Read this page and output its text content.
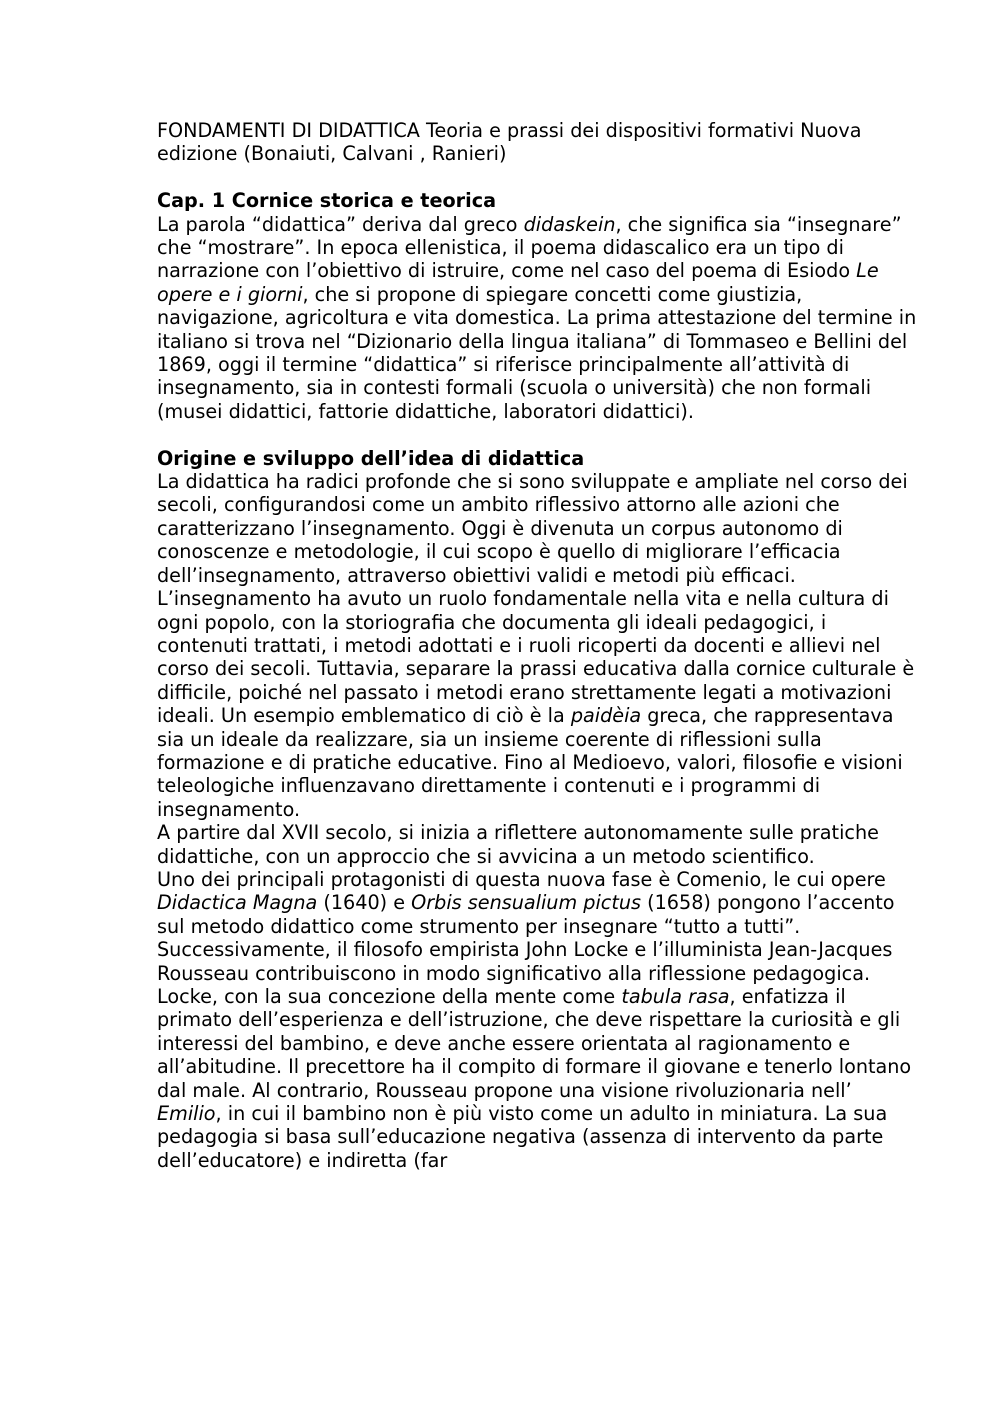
FONDAMENTI DI DIDATTICA Teoria e prassi dei dispositivi formativi Nuova edizione (Bonaiuti, Calvani , Ranieri)

Cap. 1 Cornice storica e teorica

La parola “didattica” deriva dal greco didaskein, che significa sia “insegnare” che “mostrare”. In epoca ellenistica, il poema didascalico era un tipo di narrazione con l’obiettivo di istruire, come nel caso del poema di Esiodo Le opere e i giorni, che si propone di spiegare concetti come giustizia, navigazione, agricoltura e vita domestica. La prima attestazione del termine in italiano si trova nel “Dizionario della lingua italiana” di Tommaseo e Bellini del 1869, oggi il termine “didattica” si riferisce principalmente all’attività di insegnamento, sia in contesti formali (scuola o università) che non formali (musei didattici, fattorie didattiche, laboratori didattici).

Origine e sviluppo dell’idea di didattica

La didattica ha radici profonde che si sono sviluppate e ampliate nel corso dei secoli, configurandosi come un ambito riflessivo attorno alle azioni che caratterizzano l’insegnamento. Oggi è divenuta un corpus autonomo di conoscenze e metodologie, il cui scopo è quello di migliorare l’efficacia dell’insegnamento, attraverso obiettivi validi e metodi più efficaci.

L’insegnamento ha avuto un ruolo fondamentale nella vita e nella cultura di ogni popolo, con la storiografia che documenta gli ideali pedagogici, i contenuti trattati, i metodi adottati e i ruoli ricoperti da docenti e allievi nel corso dei secoli. Tuttavia, separare la prassi educativa dalla cornice culturale è difficile, poiché nel passato i metodi erano strettamente legati a motivazioni ideali. Un esempio emblematico di ciò è la paidèia greca, che rappresentava sia un ideale da realizzare, sia un insieme coerente di riflessioni sulla formazione e di pratiche educative. Fino al Medioevo, valori, filosofie e visioni teleologiche influenzavano direttamente i contenuti e i programmi di insegnamento.

A partire dal XVII secolo, si inizia a riflettere autonomamente sulle pratiche didattiche, con un approccio che si avvicina a un metodo scientifico.

Uno dei principali protagonisti di questa nuova fase è Comenio, le cui opere Didactica Magna (1640) e Orbis sensualium pictus (1658) pongono l’accento sul metodo didattico come strumento per insegnare “tutto a tutti”.

Successivamente, il filosofo empirista John Locke e l’illuminista Jean-Jacques Rousseau contribuiscono in modo significativo alla riflessione pedagogica. Locke, con la sua concezione della mente come tabula rasa, enfatizza il primato dell’esperienza e dell’istruzione, che deve rispettare la curiosità e gli interessi del bambino, e deve anche essere orientata al ragionamento e all’abitudine. Il precettore ha il compito di formare il giovane e tenerlo lontano dal male. Al contrario, Rousseau propone una visione rivoluzionaria nell’ Emilio, in cui il bambino non è più visto come un adulto in miniatura. La sua pedagogia si basa sull’educazione negativa (assenza di intervento da parte dell’educatore) e indiretta (far
